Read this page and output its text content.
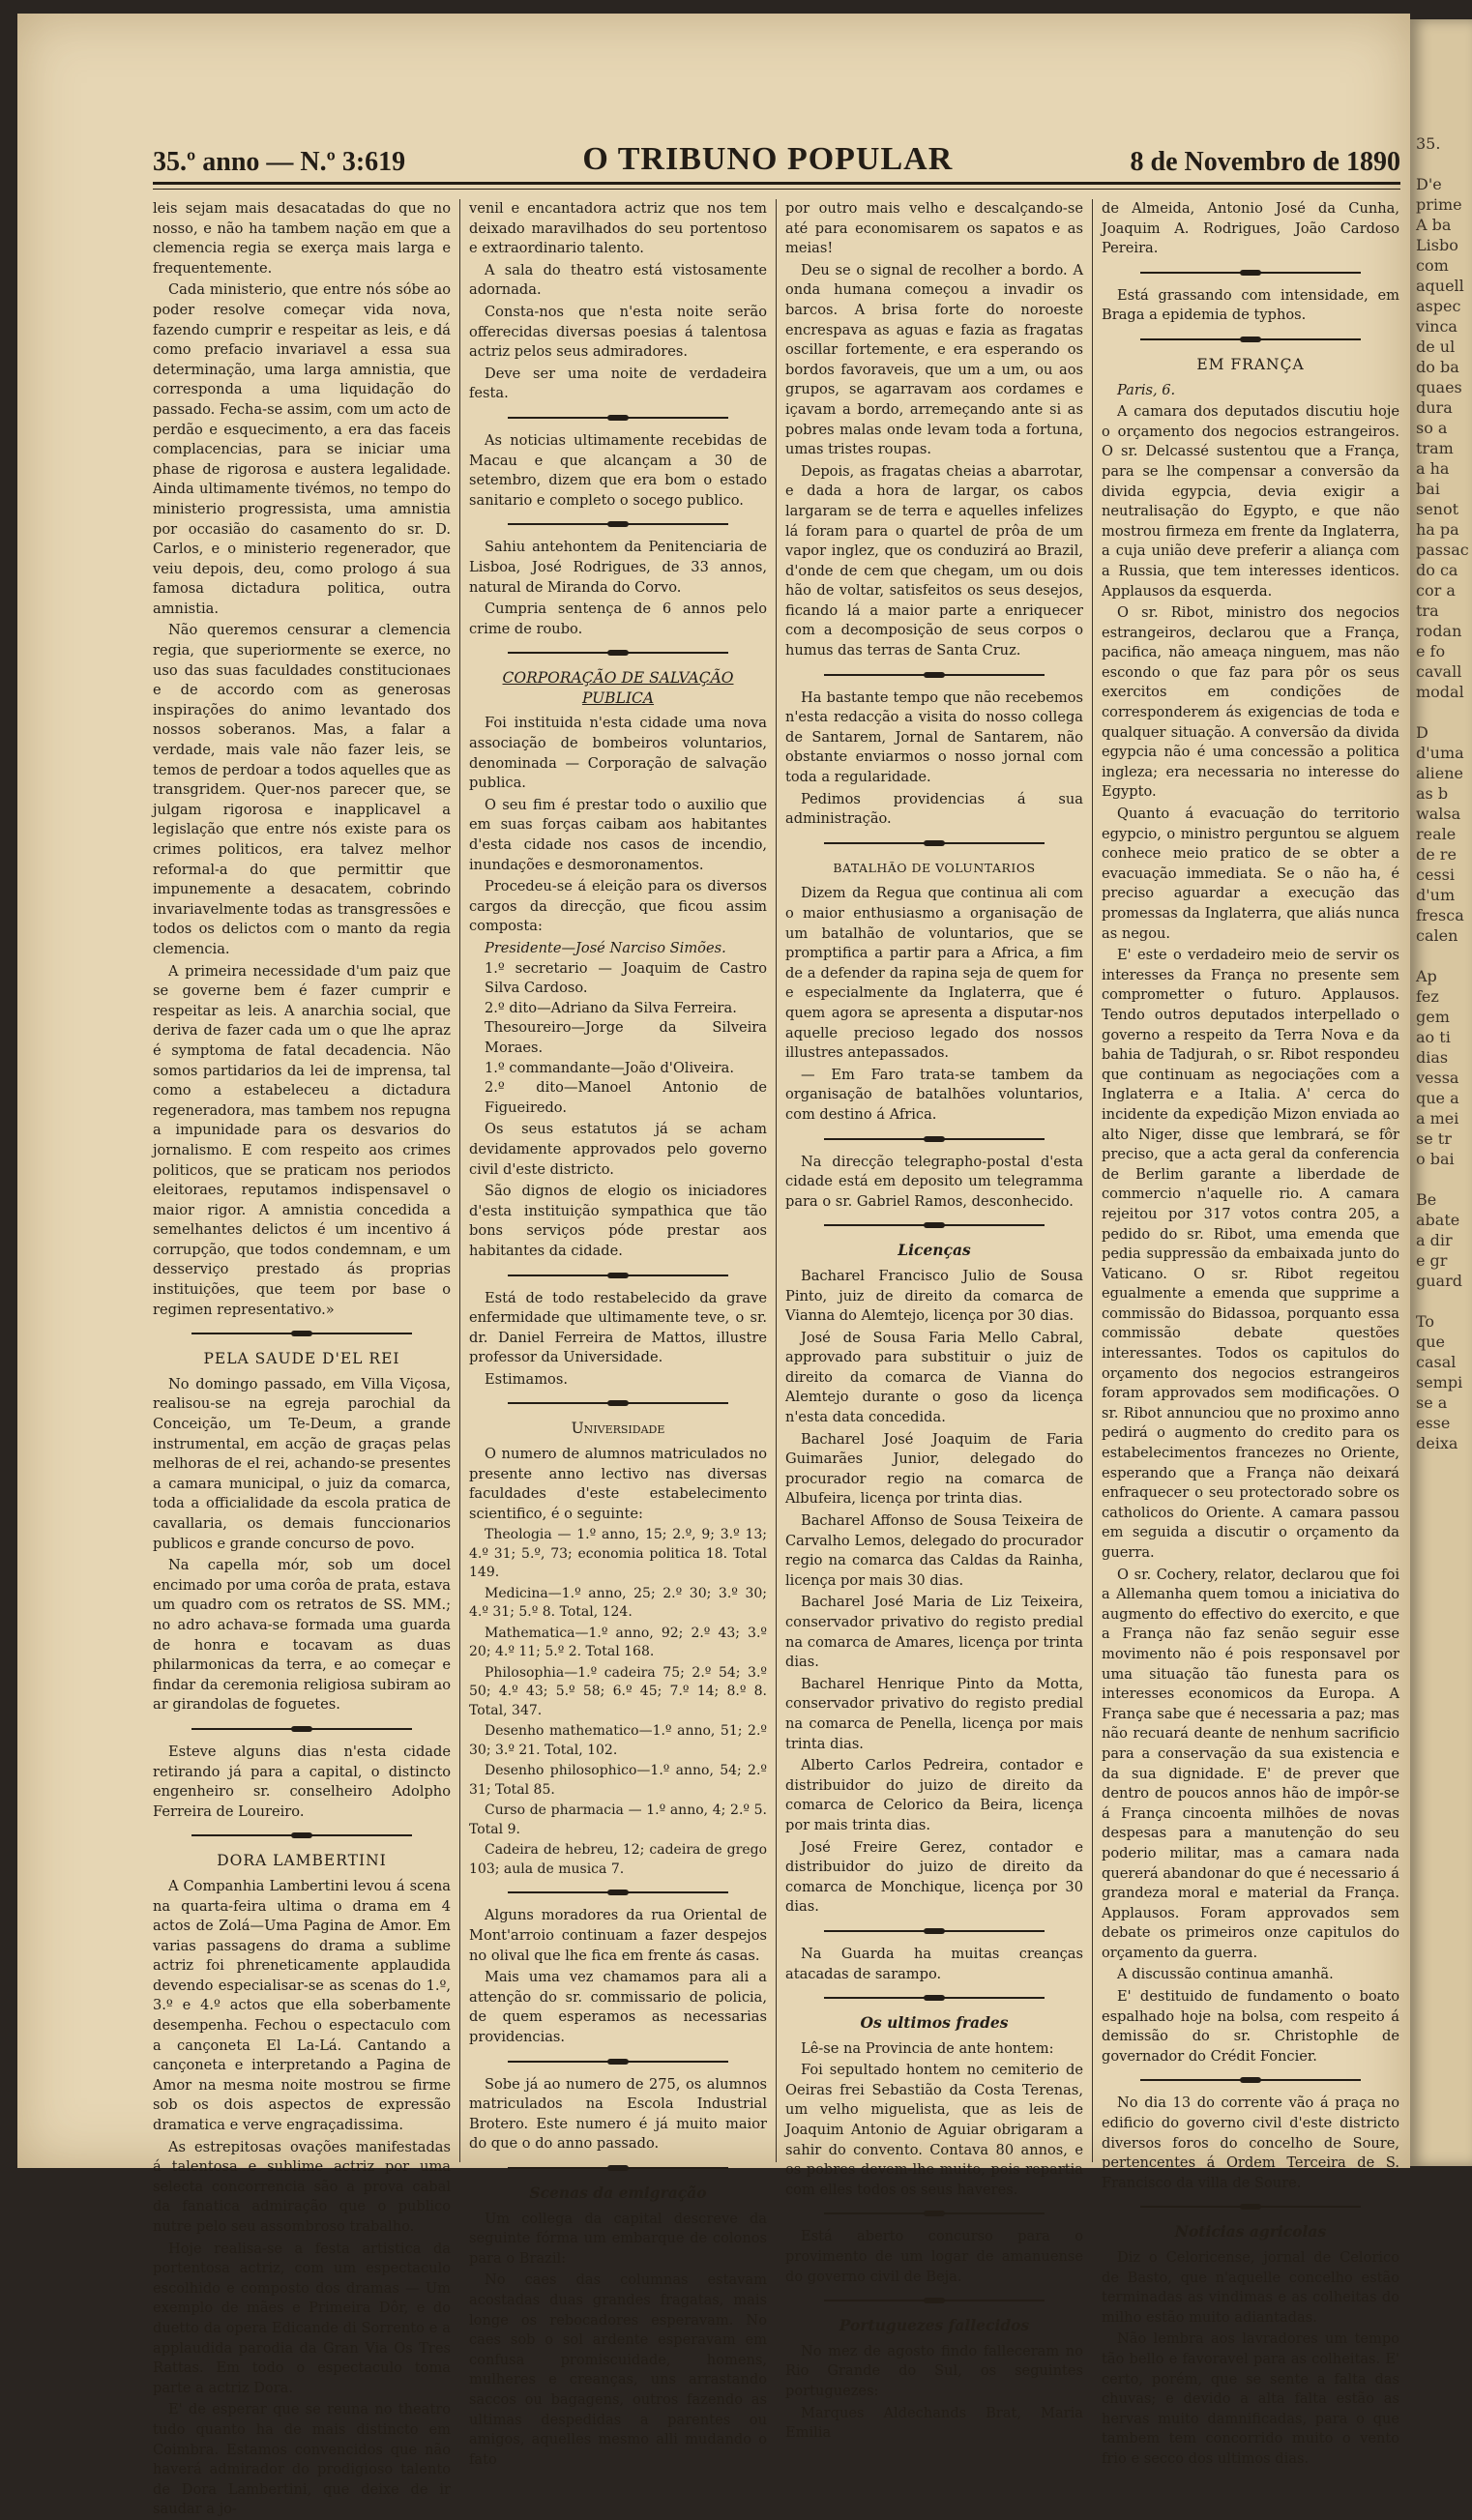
35.º anno — N.º 3:619	O TRIBUNO POPULAR	8 de Novembro de 1890

leis sejam mais desacatadas do que no nosso, e não ha tambem nação em que a clemencia regia se exerça mais larga e frequentemente.

Cada ministerio, que entre nós sóbe ao poder resolve começar vida nova, fazendo cumprir e respeitar as leis, e dá como prefacio invariavel a essa sua determinação, uma larga amnistia, que corresponda a uma liquidação do passado. Fecha-se assim, com um acto de perdão e esquecimento, a era das faceis complacencias, para se iniciar uma phase de rigorosa e austera legalidade. Ainda ultimamente tivémos, no tempo do ministerio progressista, uma amnistia por occasião do casamento do sr. D. Carlos, e o ministerio regenerador, que veiu depois, deu, como prologo á sua famosa dictadura politica, outra amnistia.

Não queremos censurar a clemencia regia, que superiormente se exerce, no uso das suas faculdades constitucionaes e de accordo com as generosas inspirações do animo levantado dos nossos soberanos. Mas, a falar a verdade, mais vale não fazer leis, se temos de perdoar a todos aquelles que as transgridem. Quer-nos parecer que, se julgam rigorosa e inapplicavel a legislação que entre nós existe para os crimes politicos, era talvez melhor reformal-a do que permittir que impunemente a desacatem, cobrindo invariavelmente todas as transgressões e todos os delictos com o manto da regia clemencia.

A primeira necessidade d'um paiz que se governe bem é fazer cumprir e respeitar as leis. A anarchia social, que deriva de fazer cada um o que lhe apraz é symptoma de fatal decadencia. Não somos partidarios da lei de imprensa, tal como a estabeleceu a dictadura regeneradora, mas tambem nos repugna a impunidade para os desvarios do jornalismo. E com respeito aos crimes politicos, que se praticam nos periodos eleitoraes, reputamos indispensavel o maior rigor. A amnistia concedida a semelhantes delictos é um incentivo á corrupção, que todos condemnam, e um desserviço prestado ás proprias instituições, que teem por base o regimen representativo.»

PELA SAUDE D'EL REI

No domingo passado, em Villa Viçosa, realisou-se na egreja parochial da Conceição, um Te-Deum, a grande instrumental, em acção de graças pelas melhoras de el rei, achando-se presentes a camara municipal, o juiz da comarca, toda a officialidade da escola pratica de cavallaria, os demais funccionarios publicos e grande concurso de povo.

Na capella mór, sob um docel encimado por uma corôa de prata, estava um quadro com os retratos de SS. MM.; no adro achava-se formada uma guarda de honra e tocavam as duas philarmonicas da terra, e ao começar e findar da ceremonia religiosa subiram ao ar girandolas de foguetes.

Esteve alguns dias n'esta cidade retirando já para a capital, o distincto engenheiro sr. conselheiro Adolpho Ferreira de Loureiro.

DORA LAMBERTINI

A Companhia Lambertini levou á scena na quarta-feira ultima o drama em 4 actos de Zolá—Uma Pagina de Amor. Em varias passagens do drama a sublime actriz foi phreneticamente applaudida devendo especialisar-se as scenas do 1.º, 3.º e 4.º actos que ella soberbamente desempenha. Fechou o espectaculo com a cançoneta El La-Lá. Cantando a cançoneta e interpretando a Pagina de Amor na mesma noite mostrou se firme sob os dois aspectos de expressão dramatica e verve engraçadissima.

As estrepitosas ovações manifestadas á talentosa e sublime actriz por uma selecta concorrencia são a prova cabal da fanatica admiração que o publico nutre pelo seu assombroso trabalho.

Hoje realisa-se a festa artistica da portentosa actriz, com um espectaculo escolhido e composto dos dramas — Um exemplo de mães e Primeira Dôr, e do duetto da opera Edicande di Sorrento e a applaudida parodia da Gran Via Os Tres Rattas. Em todo o espectaculo toma parte a actriz Dora.

E' de esperar que se reuna no theatro tudo quanto ha de mais distincto em Coimbra. Estamos convencidos que não haverá admirador do prodigioso talento de Dora Lambertini, que deixe de ir saudar a jo-

venil e encantadora actriz que nos tem deixado maravilhados do seu portentoso e extraordinario talento.

A sala do theatro está vistosamente adornada.

Consta-nos que n'esta noite serão offerecidas diversas poesias á talentosa actriz pelos seus admiradores.

Deve ser uma noite de verdadeira festa.

As noticias ultimamente recebidas de Macau e que alcançam a 30 de setembro, dizem que era bom o estado sanitario e completo o socego publico.

Sahiu antehontem da Penitenciaria de Lisboa, José Rodrigues, de 33 annos, natural de Miranda do Corvo.

Cumpria sentença de 6 annos pelo crime de roubo.

CORPORAÇÃO DE SALVAÇÃO PUBLICA

Foi instituida n'esta cidade uma nova associação de bombeiros voluntarios, denominada — Corporação de salvação publica.

O seu fim é prestar todo o auxilio que em suas forças caibam aos habitantes d'esta cidade nos casos de incendio, inundações e desmoronamentos.

Procedeu-se á eleição para os diversos cargos da direcção, que ficou assim composta:

Presidente—José Narciso Simões.
1.º secretario — Joaquim de Castro Silva Cardoso.
2.º dito—Adriano da Silva Ferreira.
Thesoureiro—Jorge da Silveira Moraes.
1.º commandante—João d'Oliveira.
2.º dito—Manoel Antonio de Figueiredo.

Os seus estatutos já se acham devidamente approvados pelo governo civil d'este districto.

São dignos de elogio os iniciadores d'esta instituição sympathica que tão bons serviços póde prestar aos habitantes da cidade.

Está de todo restabelecido da grave enfermidade que ultimamente teve, o sr. dr. Daniel Ferreira de Mattos, illustre professor da Universidade.

Estimamos.

Universidade

O numero de alumnos matriculados no presente anno lectivo nas diversas faculdades d'este estabelecimento scientifico, é o seguinte:

Theologia — 1.º anno, 15; 2.º, 9; 3.º 13; 4.º 31; 5.º, 73; economia politica 18. Total 149.

Medicina—1.º anno, 25; 2.º 30; 3.º 30; 4.º 31; 5.º 8. Total, 124.

Mathematica—1.º anno, 92; 2.º 43; 3.º 20; 4.º 11; 5.º 2. Total 168.

Philosophia—1.º cadeira 75; 2.º 54; 3.º 50; 4.º 43; 5.º 58; 6.º 45; 7.º 14; 8.º 8. Total, 347.

Desenho mathematico—1.º anno, 51; 2.º 30; 3.º 21. Total, 102.

Desenho philosophico—1.º anno, 54; 2.º 31; Total 85.

Curso de pharmacia — 1.º anno, 4; 2.º 5. Total 9.

Cadeira de hebreu, 12; cadeira de grego 103; aula de musica 7.

Alguns moradores da rua Oriental de Mont'arroio continuam a fazer despejos no olival que lhe fica em frente ás casas.

Mais uma vez chamamos para ali a attenção do sr. commissario de policia, de quem esperamos as necessarias providencias.

Sobe já ao numero de 275, os alumnos matriculados na Escola Industrial Brotero. Este numero é já muito maior do que o do anno passado.

Scenas da emigração

Um collega da capital descreve da seguinte fórma um embarque de colonos para o Brazil:

No caes das columnas estavam acostadas duas grandes fragatas, mais longe os rebocadores esperavam. No caes sob o sol ardente esperavam em confusa promiscuidade, homens, mulheres e creanças, uns arrastando saccos ou bagagens, outros fazendo as ultimas despedidas a parentes ou amigos, aquelles mesmo alli mudando o fato

por outro mais velho e descalçando-se até para economisarem os sapatos e as meias!

Deu se o signal de recolher a bordo. A onda humana começou a invadir os barcos. A brisa forte do noroeste encrespava as aguas e fazia as fragatas oscillar fortemente, e era esperando os bordos favoraveis, que um a um, ou aos grupos, se agarravam aos cordames e içavam a bordo, arremeçando ante si as pobres malas onde levam toda a fortuna, umas tristes roupas.

Depois, as fragatas cheias a abarrotar, e dada a hora de largar, os cabos largaram se de terra e aquelles infelizes lá foram para o quartel de prôa de um vapor inglez, que os conduzirá ao Brazil, d'onde de cem que chegam, um ou dois hão de voltar, satisfeitos os seus desejos, ficando lá a maior parte a enriquecer com a decomposição de seus corpos o humus das terras de Santa Cruz.

Ha bastante tempo que não recebemos n'esta redacção a visita do nosso collega de Santarem, Jornal de Santarem, não obstante enviarmos o nosso jornal com toda a regularidade.

Pedimos providencias á sua administração.

BATALHÃO DE VOLUNTARIOS

Dizem da Regua que continua ali com o maior enthusiasmo a organisação de um batalhão de voluntarios, que se promptifica a partir para a Africa, a fim de a defender da rapina seja de quem for e especialmente da Inglaterra, que é quem agora se apresenta a disputar-nos aquelle precioso legado dos nossos illustres antepassados.

— Em Faro trata-se tambem da organisação de batalhões voluntarios, com destino á Africa.

Na direcção telegrapho-postal d'esta cidade está em deposito um telegramma para o sr. Gabriel Ramos, desconhecido.

Licenças

Bacharel Francisco Julio de Sousa Pinto, juiz de direito da comarca de Vianna do Alemtejo, licença por 30 dias.

José de Sousa Faria Mello Cabral, approvado para substituir o juiz de direito da comarca de Vianna do Alemtejo durante o goso da licença n'esta data concedida.

Bacharel José Joaquim de Faria Guimarães Junior, delegado do procurador regio na comarca de Albufeira, licença por trinta dias.

Bacharel Affonso de Sousa Teixeira de Carvalho Lemos, delegado do procurador regio na comarca das Caldas da Rainha, licença por mais 30 dias.

Bacharel José Maria de Liz Teixeira, conservador privativo do registo predial na comarca de Amares, licença por trinta dias.

Bacharel Henrique Pinto da Motta, conservador privativo do registo predial na comarca de Penella, licença por mais trinta dias.

Alberto Carlos Pedreira, contador e distribuidor do juizo de direito da comarca de Celorico da Beira, licença por mais trinta dias.

José Freire Gerez, contador e distribuidor do juizo de direito da comarca de Monchique, licença por 30 dias.

Na Guarda ha muitas creanças atacadas de sarampo.

Os ultimos frades

Lê-se na Provincia de ante hontem:

Foi sepultado hontem no cemiterio de Oeiras frei Sebastião da Costa Terenas, um velho miguelista, que as leis de Joaquim Antonio de Aguiar obrigaram a sahir do convento. Contava 80 annos, e os pobres devem-lhe muito, pois repartia com elles todos os seus haveres.

Está aberto concurso para o provimento de um logar de amanuense do governo civil de Beja.

Portuguezes fallecidos

No mez de agosto findo falleceram no Rio Grande do Sul, os seguintes portuguezes:

Marques Aldechands Brat, Maria Emilia

de Almeida, Antonio José da Cunha, Joaquim A. Rodrigues, João Cardoso Pereira.

Está grassando com intensidade, em Braga a epidemia de typhos.

EM FRANÇA

Paris, 6.

A camara dos deputados discutiu hoje o orçamento dos negocios estrangeiros. O sr. Delcassé sustentou que a França, para se lhe compensar a conversão da divida egypcia, devia exigir a neutralisação do Egypto, e que não mostrou firmeza em frente da Inglaterra, a cuja união deve preferir a aliança com a Russia, que tem interesses identicos. Applausos da esquerda.

O sr. Ribot, ministro dos negocios estrangeiros, declarou que a França, pacifica, não ameaça ninguem, mas não escondo o que faz para pôr os seus exercitos em condições de corresponderem ás exigencias de toda e qualquer situação. A conversão da divida egypcia não é uma concessão a politica ingleza; era necessaria no interesse do Egypto.

Quanto á evacuação do territorio egypcio, o ministro perguntou se alguem conhece meio pratico de se obter a evacuação immediata. Se o não ha, é preciso aguardar a execução das promessas da Inglaterra, que aliás nunca as negou.

E' este o verdadeiro meio de servir os interesses da França no presente sem comprometter o futuro. Applausos. Tendo outros deputados interpellado o governo a respeito da Terra Nova e da bahia de Tadjurah, o sr. Ribot respondeu que continuam as negociações com a Inglaterra e a Italia. A' cerca do incidente da expedição Mizon enviada ao alto Niger, disse que lembrará, se fôr preciso, que a acta geral da conferencia de Berlim garante a liberdade de commercio n'aquelle rio. A camara rejeitou por 317 votos contra 205, a pedido do sr. Ribot, uma emenda que pedia suppressão da embaixada junto do Vaticano. O sr. Ribot regeitou egualmente a emenda que supprime a commissão do Bidassoa, porquanto essa commissão debate questões interessantes. Todos os capitulos do orçamento dos negocios estrangeiros foram approvados sem modificações. O sr. Ribot annunciou que no proximo anno pedirá o augmento do credito para os estabelecimentos francezes no Oriente, esperando que a França não deixará enfraquecer o seu protectorado sobre os catholicos do Oriente. A camara passou em seguida a discutir o orçamento da guerra.

O sr. Cochery, relator, declarou que foi a Allemanha quem tomou a iniciativa do augmento do effectivo do exercito, e que a França não faz senão seguir esse movimento não é pois responsavel por uma situação tão funesta para os interesses economicos da Europa. A França sabe que é necessaria a paz; mas não recuará deante de nenhum sacrificio para a conservação da sua existencia e da sua dignidade. E' de prever que dentro de poucos annos hão de impôr-se á França cincoenta milhões de novas despesas para a manutenção do seu poderio militar, mas a camara nada quererá abandonar do que é necessario á grandeza moral e material da França. Applausos. Foram approvados sem debate os primeiros onze capitulos do orçamento da guerra.

A discussão continua amanhã.

E' destituido de fundamento o boato espalhado hoje na bolsa, com respeito á demissão do sr. Christophle de governador do Crédit Foncier.

No dia 13 do corrente vão á praça no edificio do governo civil d'este districto diversos foros do concelho de Soure, pertencentes á Ordem Terceira de S. Francisco da villa de Soure.

Noticias agricolas

Diz o Celoricense, jornal de Celorico de Basto, que n'aquelle concelho estão terminadas as vindimas e as colheitas do milho estão muito adiantadas.

Não lembra aos lavradores um tempo tão bello e favoravel para as colheitas. E' certo, porém, que se sente a falta das chuvas; e devido a alta falta estão as hervas muito damnificadas, para o que tambem tem concorrido muito o vento frio e secco dos ultimos dias.

35.

D'e
prime
A ba
Lisbo
com
aquell
aspec
vinca
de ul
do ba
quaes
dura
so a
tram
a ha
bai
senot
ha pa
passac
do ca
cor a
tra
rodan
e fo
cavall
modal

D
d'uma
aliene
as b
walsa
reale
de re
cessi
d'um
fresca
calen

Ap
fez
gem
ao ti
dias
vessa
que a
a mei
se tr
o bai

Be
abate
a dir
e gr
guard

To
que
casal
sempi
se a
esse
deixa
